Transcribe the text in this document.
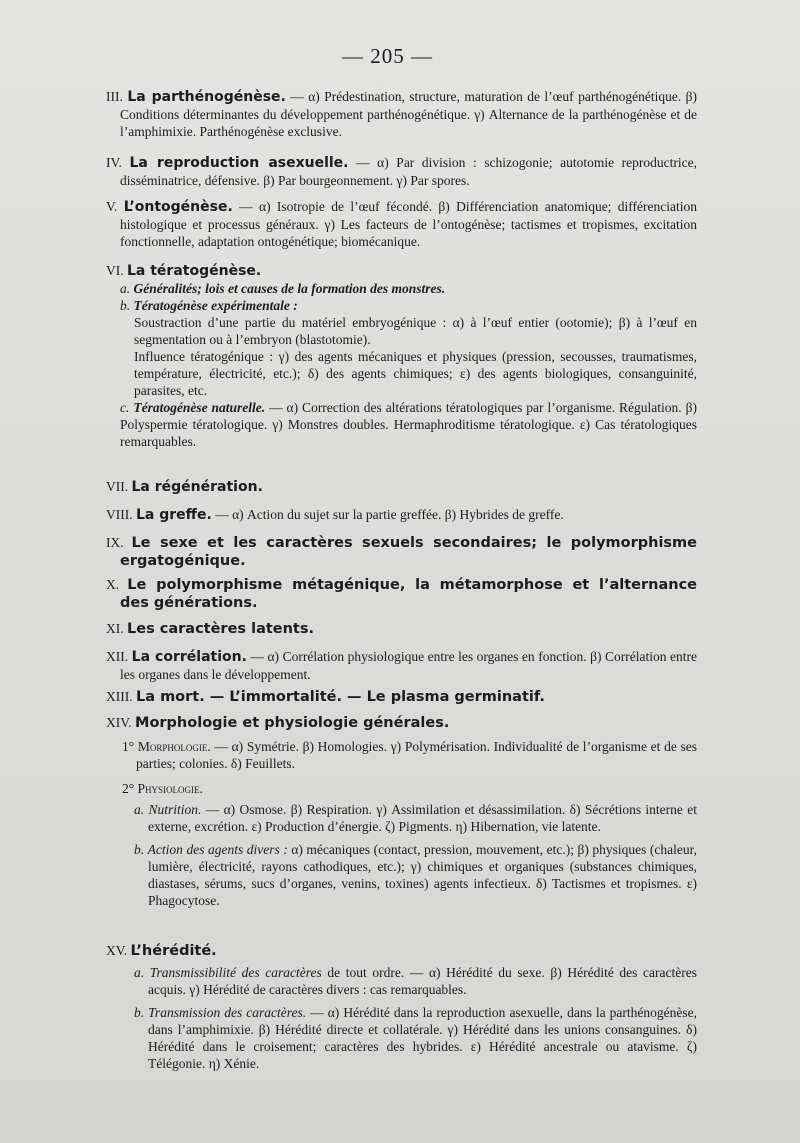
— 205 —
III. La parthénogénèse. — α) Prédestination, structure, maturation de l’œuf parthénogénétique. β) Conditions déterminantes du développement parthénogénétique. γ) Alternance de la parthénogénèse et de l’amphimixie. Parthénogénèse exclusive.
IV. La reproduction asexuelle. — α) Par division : schizogonie; autotomie reproductrice, disséminatrice, défensive. β) Par bourgeonnement. γ) Par spores.
V. L’ontogénèse. — α) Isotropie de l’œuf fécondé. β) Différenciation anatomique; différenciation histologique et processus généraux. γ) Les facteurs de l’ontogénèse; tactismes et tropismes, excitation fonctionnelle, adaptation ontogénétique; biomécanique.
VI. La tératogénèse.
a. Généralités; lois et causes de la formation des monstres.
b. Tératogénèse expérimentale :
Soustraction d’une partie du matériel embryogénique : α) à l’œuf entier (ootomie); β) à l’œuf en segmentation ou à l’embryon (blastotomie).
Influence tératogénique : γ) des agents mécaniques et physiques (pression, secousses, traumatismes, température, électricité, etc.); δ) des agents chimiques; ε) des agents biologiques, consanguinité, parasites, etc.
c. Tératogénèse naturelle. — α) Correction des altérations tératologiques par l’organisme. Régulation. β) Polyspermie tératologique. γ) Monstres doubles. Hermaphroditisme tératologique. ε) Cas tératologiques remarquables.
VII. La régénération.
VIII. La greffe. — α) Action du sujet sur la partie greffée. β) Hybrides de greffe.
IX. Le sexe et les caractères sexuels secondaires; le polymorphisme ergatogénique.
X. Le polymorphisme métagénique, la métamorphose et l’alternance des générations.
XI. Les caractères latents.
XII. La corrélation. — α) Corrélation physiologique entre les organes en fonction. β) Corrélation entre les organes dans le développement.
XIII. La mort. — L’immortalité. — Le plasma germinatif.
XIV. Morphologie et physiologie générales.
1° Morphologie. — α) Symétrie. β) Homologies. γ) Polymérisation. Individualité de l’organisme et de ses parties; colonies. δ) Feuillets.
2° Physiologie.
a. Nutrition. — α) Osmose. β) Respiration. γ) Assimilation et désassimilation. δ) Sécrétions interne et externe, excrétion. ε) Production d’énergie. ζ) Pigments. η) Hibernation, vie latente.
b. Action des agents divers : α) mécaniques (contact, pression, mouvement, etc.); β) physiques (chaleur, lumière, électricité, rayons cathodiques, etc.); γ) chimiques et organiques (substances chimiques, diastases, sérums, sucs d’organes, venins, toxines) agents infectieux. δ) Tactismes et tropismes. ε) Phagocytose.
XV. L’hérédité.
a. Transmissibilité des caractères de tout ordre. — α) Hérédité du sexe. β) Hérédité des caractères acquis. γ) Hérédité de caractères divers : cas remarquables.
b. Transmission des caractères. — α) Hérédité dans la reproduction asexuelle, dans la parthénogénèse, dans l’amphimixie. β) Hérédité directe et collatérale. γ) Hérédité dans les unions consanguines. δ) Hérédité dans le croisement; caractères des hybrides. ε) Hérédité ancestrale ou atavisme. ζ) Télégonie. η) Xénie.
